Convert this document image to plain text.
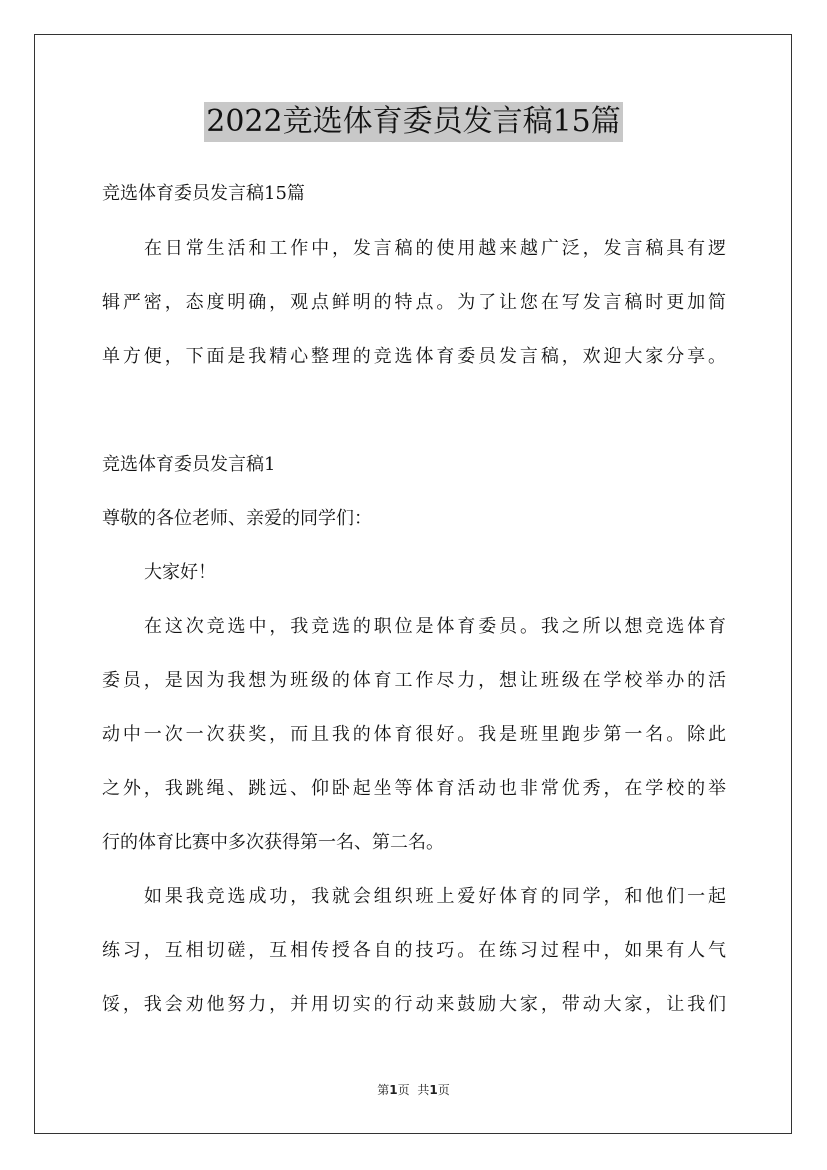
2022竞选体育委员发言稿15篇
竞选体育委员发言稿15篇
在日常生活和工作中，发言稿的使用越来越广泛，发言稿具有逻
辑严密，态度明确，观点鲜明的特点。为了让您在写发言稿时更加简
单方便，下面是我精心整理的竞选体育委员发言稿，欢迎大家分享。
竞选体育委员发言稿1
尊敬的各位老师、亲爱的同学们：
大家好！
在这次竞选中，我竞选的职位是体育委员。我之所以想竞选体育
委员，是因为我想为班级的体育工作尽力，想让班级在学校举办的活
动中一次一次获奖，而且我的体育很好。我是班里跑步第一名。除此
之外，我跳绳、跳远、仰卧起坐等体育活动也非常优秀，在学校的举
行的体育比赛中多次获得第一名、第二名。
如果我竞选成功，我就会组织班上爱好体育的同学，和他们一起
练习，互相切磋，互相传授各自的技巧。在练习过程中，如果有人气
馁，我会劝他努力，并用切实的行动来鼓励大家，带动大家，让我们
第1页 共1页
